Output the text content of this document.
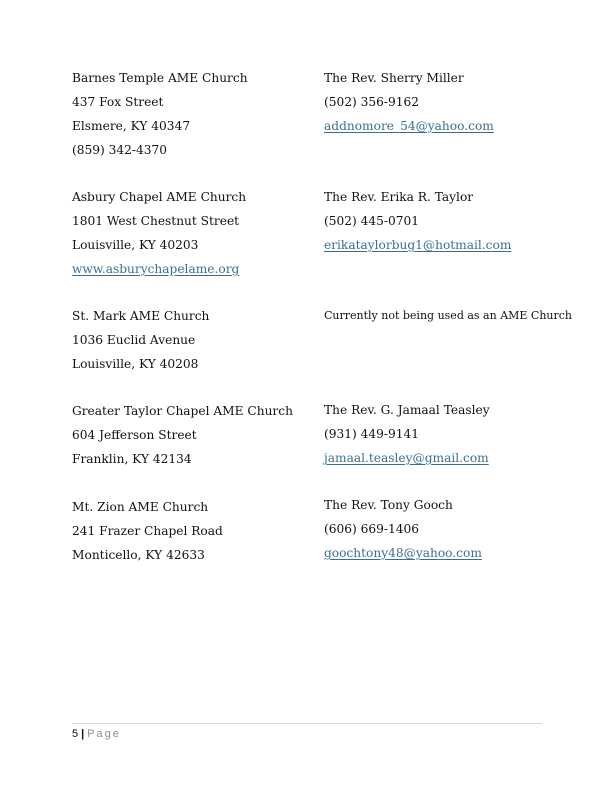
Barnes Temple AME Church
437 Fox Street
Elsmere, KY 40347
(859) 342-4370
The Rev. Sherry Miller
(502) 356-9162
addnomore_54@yahoo.com
Asbury Chapel AME Church
1801 West Chestnut Street
Louisville, KY 40203
www.asburychapelame.org
The Rev. Erika R. Taylor
(502) 445-0701
erikataylorbug1@hotmail.com
St. Mark AME Church
1036 Euclid Avenue
Louisville, KY 40208
Currently not being used as an AME Church
Greater Taylor Chapel AME Church
604 Jefferson Street
Franklin, KY 42134
The Rev. G. Jamaal Teasley
(931) 449-9141
jamaal.teasley@gmail.com
Mt. Zion AME Church
241 Frazer Chapel Road
Monticello, KY 42633
The Rev. Tony Gooch
(606) 669-1406
goochtony48@yahoo.com
5 | Page
